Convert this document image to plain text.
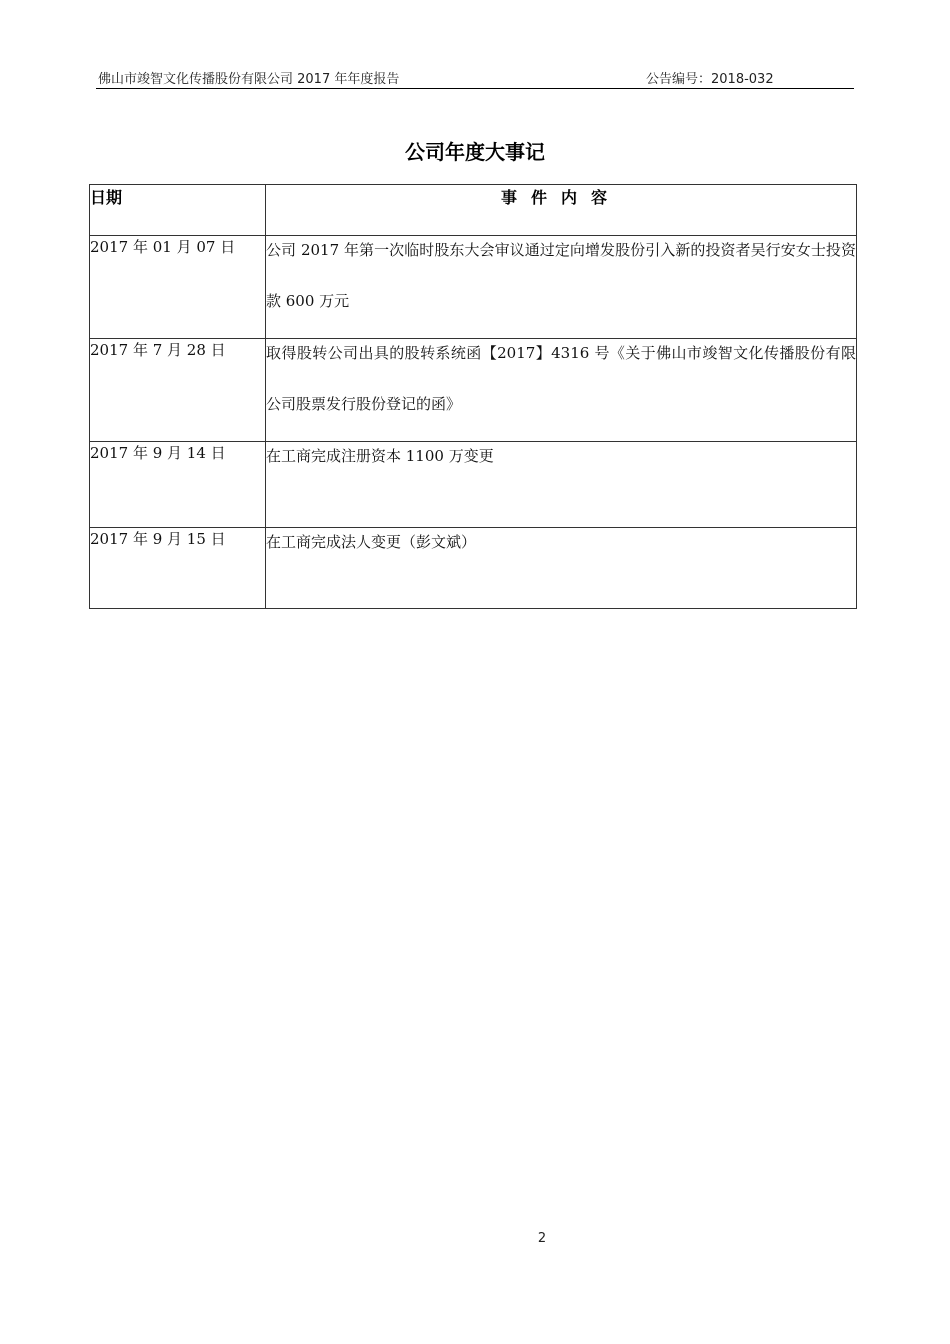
佛山市竣智文化传播股份有限公司 2017 年年度报告	公告编号：2018-032
公司年度大事记
日期	事件内容
2017 年 01 月 07 日	公司 2017 年第一次临时股东大会审议通过定向增发股份引入新的投资者吴行安女士投资款 600 万元

2017 年 7 月 28 日	取得股转公司出具的股转系统函【2017】4316 号《关于佛山市竣智文化传播股份有限公司股票发行股份登记的函》

2017 年 9 月 14 日	在工商完成注册资本 1100 万变更

2017 年 9 月 15 日	在工商完成法人变更（彭文斌）
2
